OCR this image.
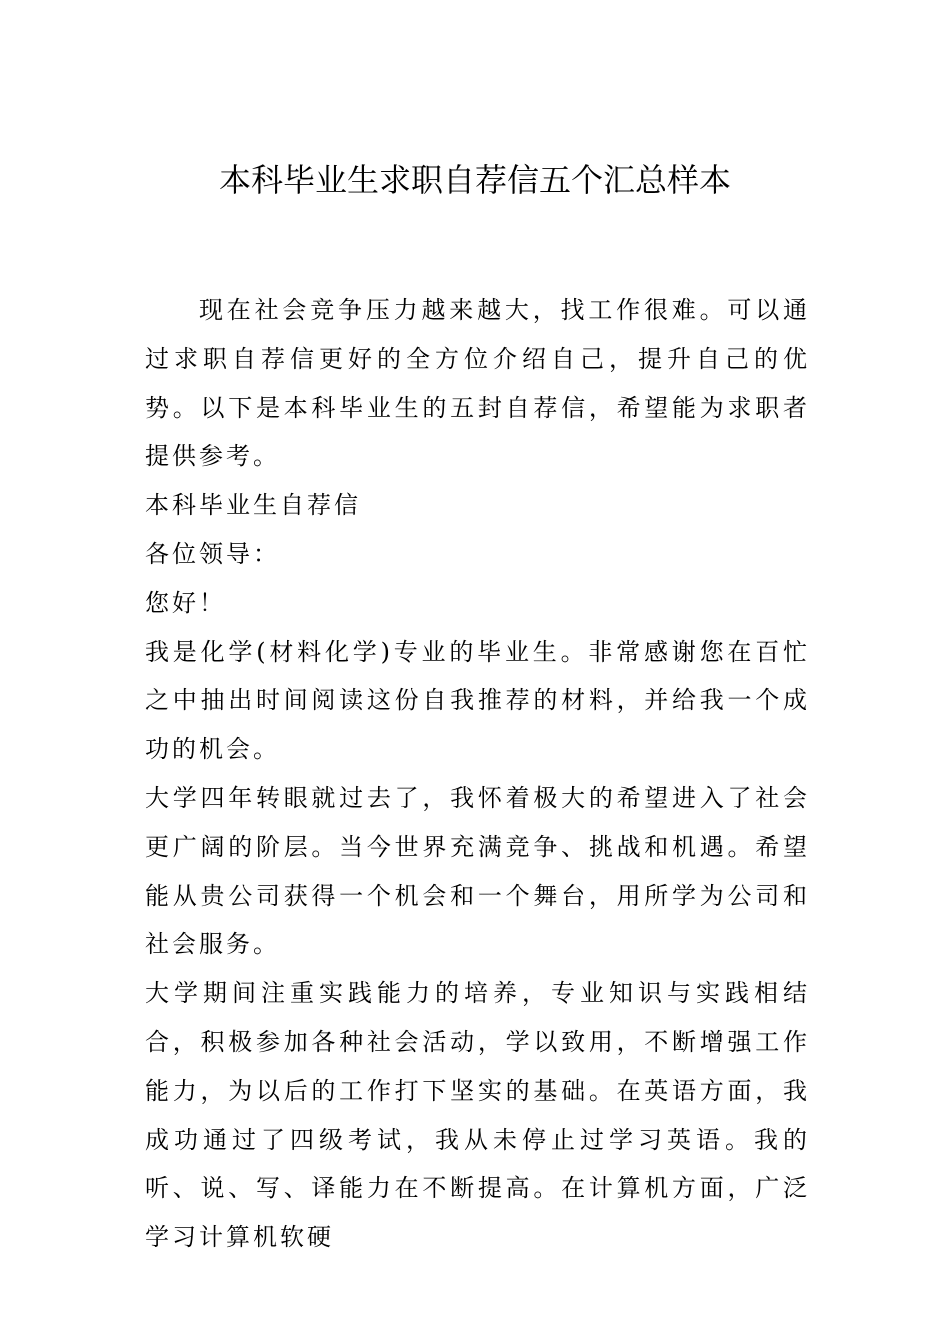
本科毕业生求职自荐信五个汇总样本

现在社会竞争压力越来越大，找工作很难。可以通过求职自荐信更好的全方位介绍自己，提升自己的优势。以下是本科毕业生的五封自荐信，希望能为求职者提供参考。

本科毕业生自荐信

各位领导：

您好！

我是化学(材料化学)专业的毕业生。非常感谢您在百忙之中抽出时间阅读这份自我推荐的材料，并给我一个成功的机会。

大学四年转眼就过去了，我怀着极大的希望进入了社会更广阔的阶层。当今世界充满竞争、挑战和机遇。希望能从贵公司获得一个机会和一个舞台，用所学为公司和社会服务。

大学期间注重实践能力的培养，专业知识与实践相结合，积极参加各种社会活动，学以致用，不断增强工作能力，为以后的工作打下坚实的基础。在英语方面，我成功通过了四级考试，我从未停止过学习英语。我的听、说、写、译能力在不断提高。在计算机方面，广泛学习计算机软硬
